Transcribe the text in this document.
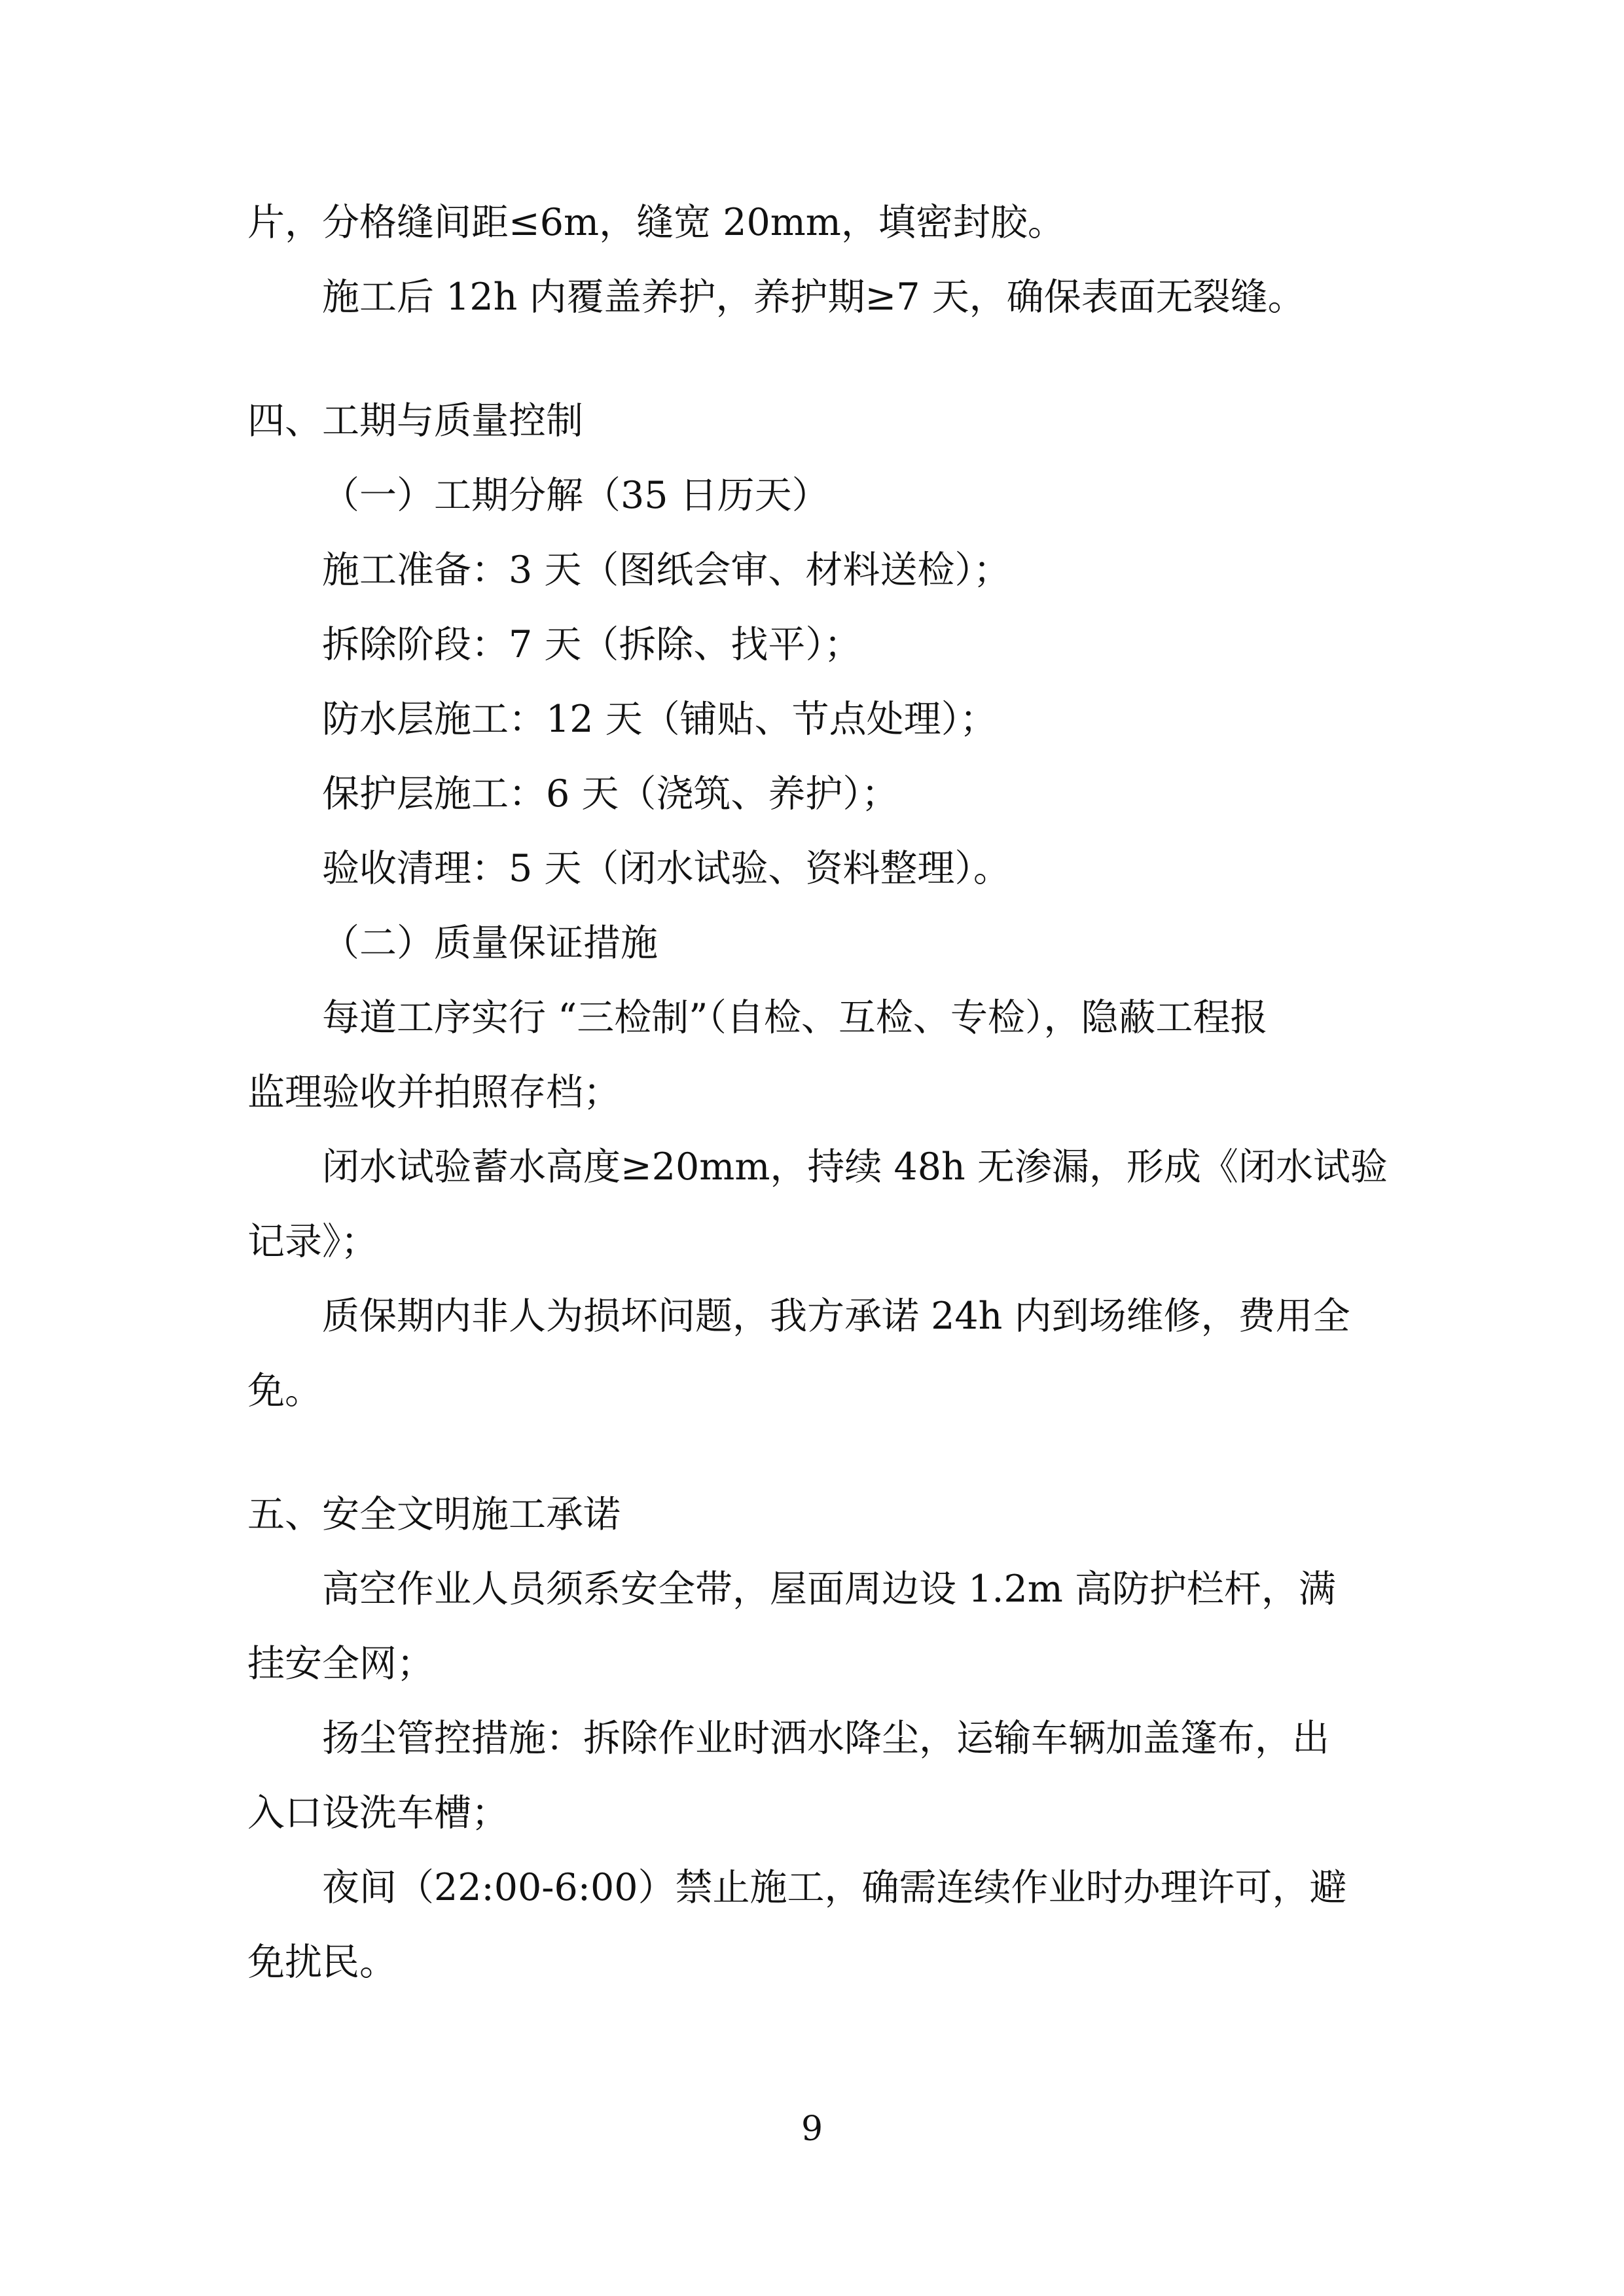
片，分格缝间距≤6m，缝宽 20mm，填密封胶。
施工后 12h 内覆盖养护，养护期≥7 天，确保表面无裂缝。
四、工期与质量控制
（一）工期分解（35 日历天）
施工准备：3 天（图纸会审、材料送检）；
拆除阶段：7 天（拆除、找平）；
防水层施工：12 天（铺贴、节点处理）；
保护层施工：6 天（浇筑、养护）；
验收清理：5 天（闭水试验、资料整理）。
（二）质量保证措施
每道工序实行 “三检制”（自检、互检、专检），隐蔽工程报
监理验收并拍照存档；
闭水试验蓄水高度≥20mm，持续 48h 无渗漏，形成《闭水试验
记录》；
质保期内非人为损坏问题，我方承诺 24h 内到场维修，费用全
免。
五、安全文明施工承诺
高空作业人员须系安全带，屋面周边设 1.2m 高防护栏杆，满
挂安全网；
扬尘管控措施：拆除作业时洒水降尘，运输车辆加盖篷布，出
入口设洗车槽；
夜间（22:00-6:00）禁止施工，确需连续作业时办理许可，避
免扰民。
9
